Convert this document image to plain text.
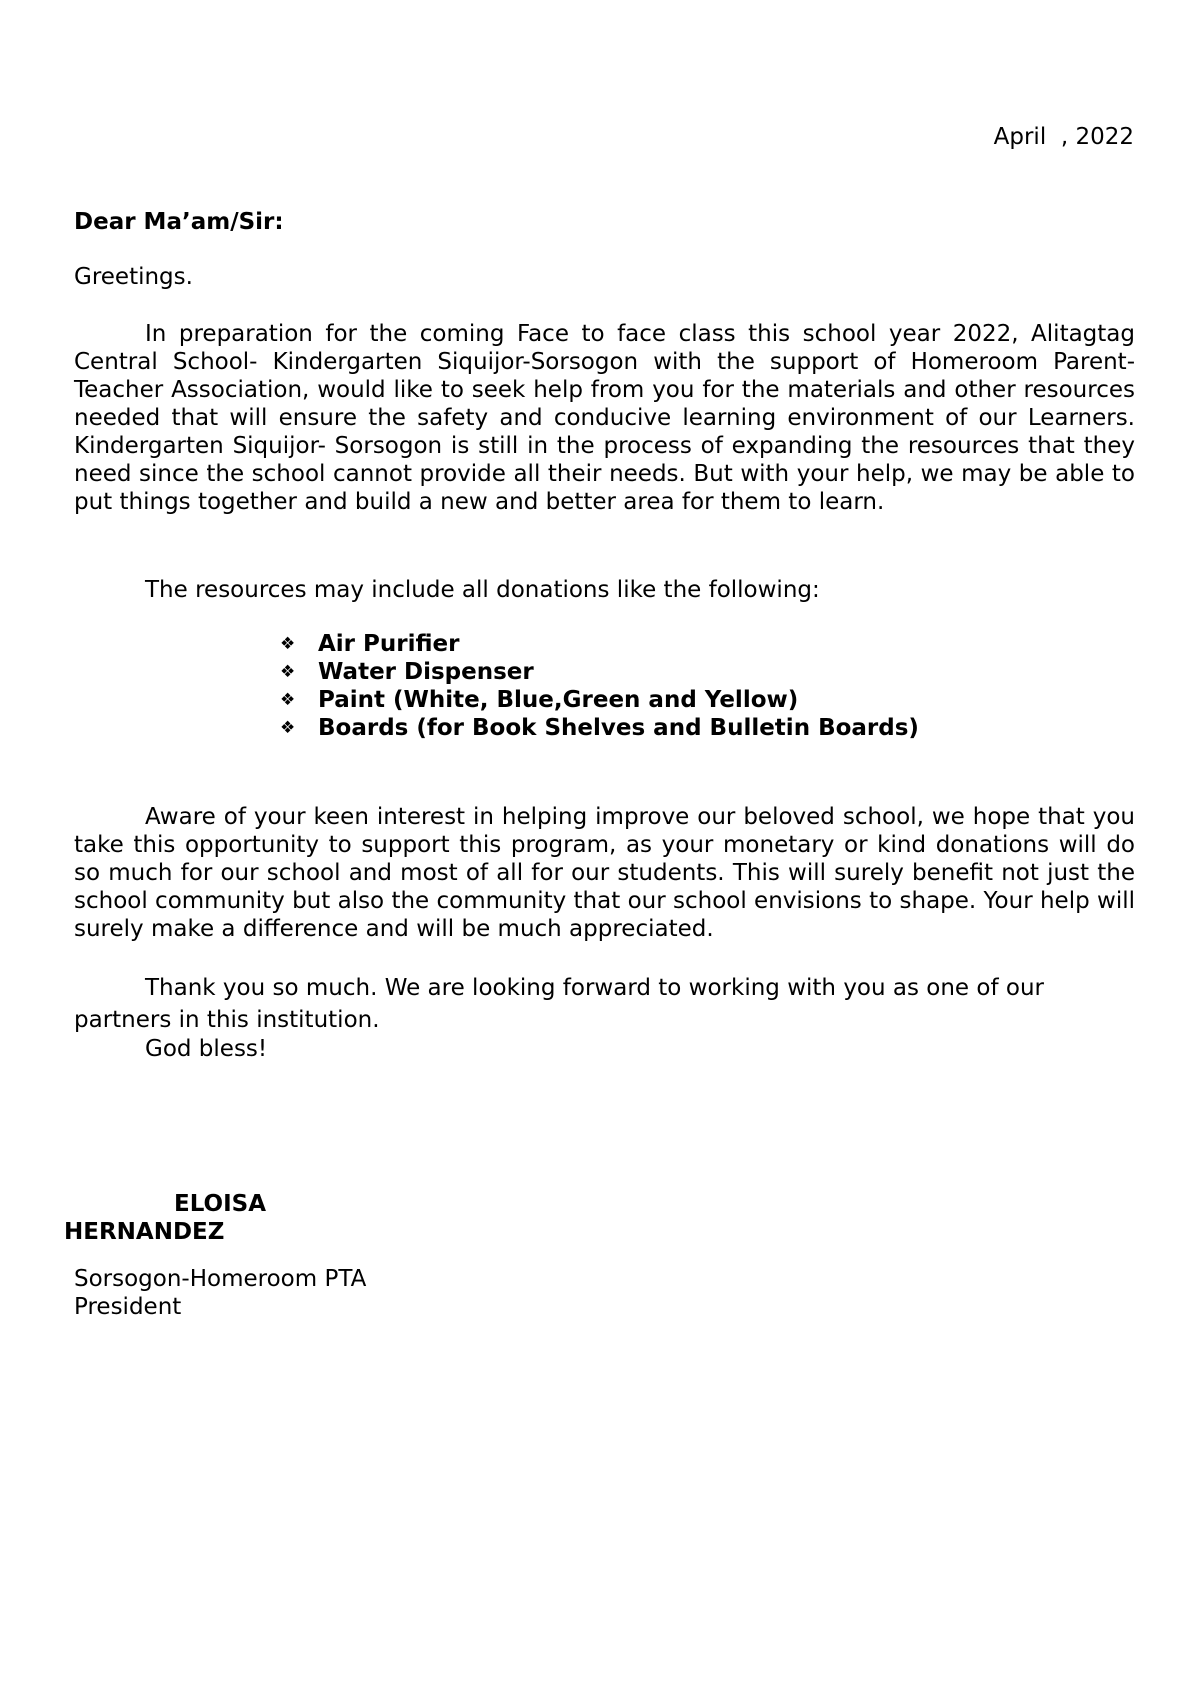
April  , 2022

Dear Ma’am/Sir:

Greetings.

In preparation for the coming Face to face class this school year 2022, Alitagtag Central School- Kindergarten Siquijor-Sorsogon with the support of Homeroom Parent-Teacher Association, would like to seek help from you for the materials and other resources needed that will ensure the safety and conducive learning environment of our Learners. Kindergarten Siquijor- Sorsogon is still in the process of expanding the resources that they need since the school cannot provide all their needs. But with your help, we may be able to put things together and build a new and better area for them to learn.

The resources may include all donations like the following:

❖ Air Purifier
❖ Water Dispenser
❖ Paint (White, Blue,Green and Yellow)
❖ Boards (for Book Shelves and Bulletin Boards)

Aware of your keen interest in helping improve our beloved school, we hope that you take this opportunity to support this program, as your monetary or kind donations will do so much for our school and most of all for our students. This will surely benefit not just the school community but also the community that our school envisions to shape. Your help will surely make a difference and will be much appreciated.

Thank you so much. We are looking forward to working with you as one of our partners in this institution.

God bless!

ELOISA

HERNANDEZ

Sorsogon-Homeroom PTA

President
